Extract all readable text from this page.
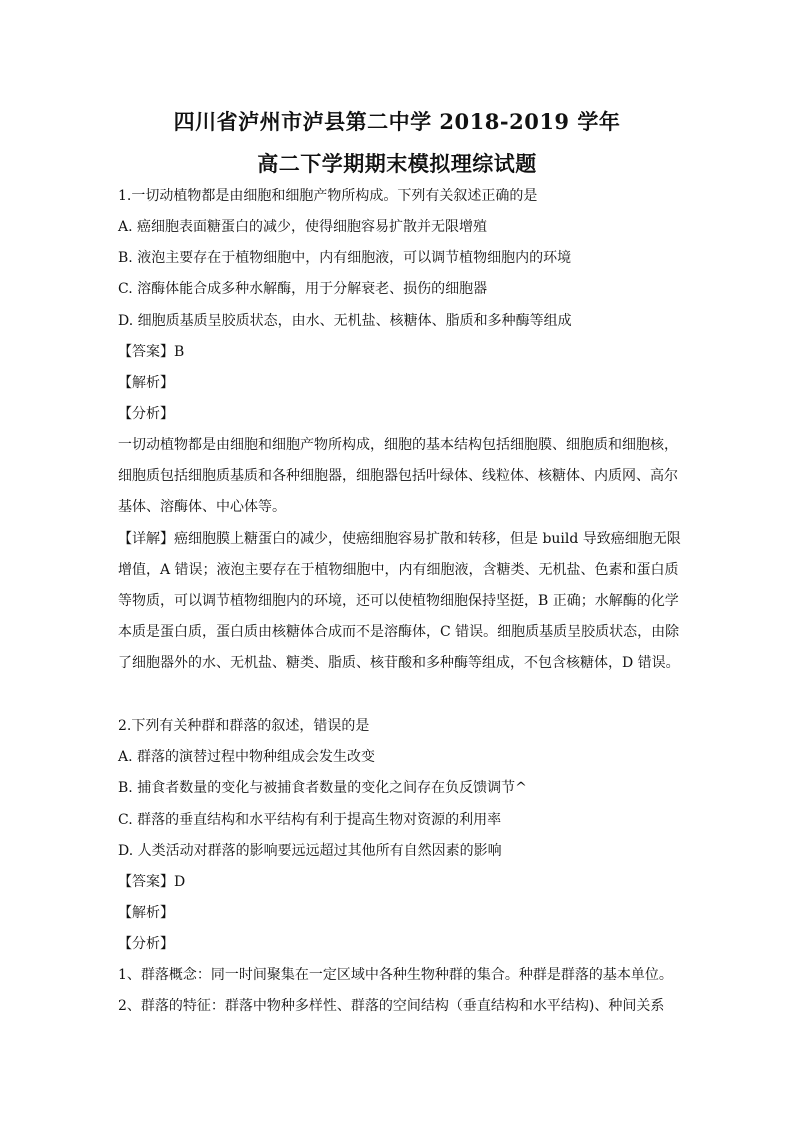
四川省泸州市泸县第二中学 2018-2019 学年
高二下学期期末模拟理综试题
1.一切动植物都是由细胞和细胞产物所构成。下列有关叙述正确的是
A. 癌细胞表面糖蛋白的减少，使得细胞容易扩散并无限增殖
B. 液泡主要存在于植物细胞中，内有细胞液，可以调节植物细胞内的环境
C. 溶酶体能合成多种水解酶，用于分解衰老、损伤的细胞器
D. 细胞质基质呈胶质状态，由水、无机盐、核糖体、脂质和多种酶等组成
【答案】B
【解析】
【分析】
一切动植物都是由细胞和细胞产物所构成，细胞的基本结构包括细胞膜、细胞质和细胞核，
细胞质包括细胞质基质和各种细胞器，细胞器包括叶绿体、线粒体、核糖体、内质网、高尔
基体、溶酶体、中心体等。
【详解】癌细胞膜上糖蛋白的减少，使癌细胞容易扩散和转移，但是 build 导致癌细胞无限
增值，A 错误；液泡主要存在于植物细胞中，内有细胞液，含糖类、无机盐、色素和蛋白质
等物质，可以调节植物细胞内的环境，还可以使植物细胞保持坚挺，B 正确；水解酶的化学
本质是蛋白质，蛋白质由核糖体合成而不是溶酶体，C 错误。细胞质基质呈胶质状态，由除
了细胞器外的水、无机盐、糖类、脂质、核苷酸和多种酶等组成，不包含核糖体，D 错误。
2.下列有关种群和群落的叙述，错误的是
A. 群落的演替过程中物种组成会发生改变
B. 捕食者数量的变化与被捕食者数量的变化之间存在负反馈调节^
C. 群落的垂直结构和水平结构有利于提高生物对资源的利用率
D. 人类活动对群落的影响要远远超过其他所有自然因素的影响
【答案】D
【解析】
【分析】
1、群落概念：同一时间聚集在一定区域中各种生物种群的集合。种群是群落的基本单位。
2、群落的特征：群落中物种多样性、群落的空间结构（垂直结构和水平结构)、种间关系
